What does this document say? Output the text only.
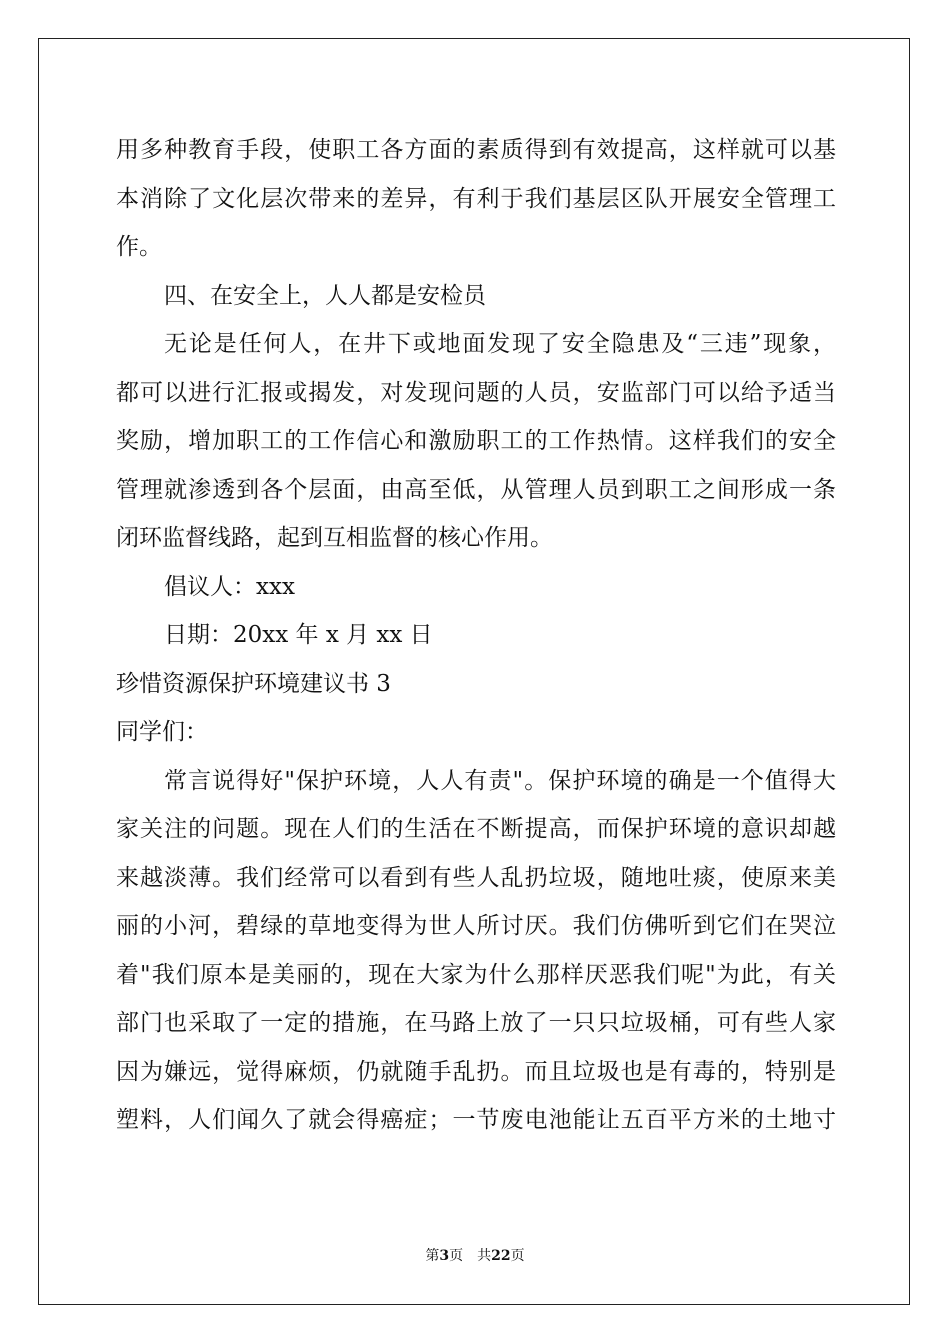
用多种教育手段，使职工各方面的素质得到有效提高，这样就可以基
本消除了文化层次带来的差异，有利于我们基层区队开展安全管理工
作。
四、在安全上，人人都是安检员
无论是任何人，在井下或地面发现了安全隐患及“三违”现象，
都可以进行汇报或揭发，对发现问题的人员，安监部门可以给予适当
奖励，增加职工的工作信心和激励职工的工作热情。这样我们的安全
管理就渗透到各个层面，由高至低，从管理人员到职工之间形成一条
闭环监督线路，起到互相监督的核心作用。
倡议人：xxx
日期：20xx 年 x 月 xx 日
珍惜资源保护环境建议书 3
同学们：
常言说得好"保护环境，人人有责"。保护环境的确是一个值得大
家关注的问题。现在人们的生活在不断提高，而保护环境的意识却越
来越淡薄。我们经常可以看到有些人乱扔垃圾，随地吐痰，使原来美
丽的小河，碧绿的草地变得为世人所讨厌。我们仿佛听到它们在哭泣
着"我们原本是美丽的，现在大家为什么那样厌恶我们呢"为此，有关
部门也采取了一定的措施，在马路上放了一只只垃圾桶，可有些人家
因为嫌远，觉得麻烦，仍就随手乱扔。而且垃圾也是有毒的，特别是
塑料，人们闻久了就会得癌症；一节废电池能让五百平方米的土地寸
第3页　共22页
